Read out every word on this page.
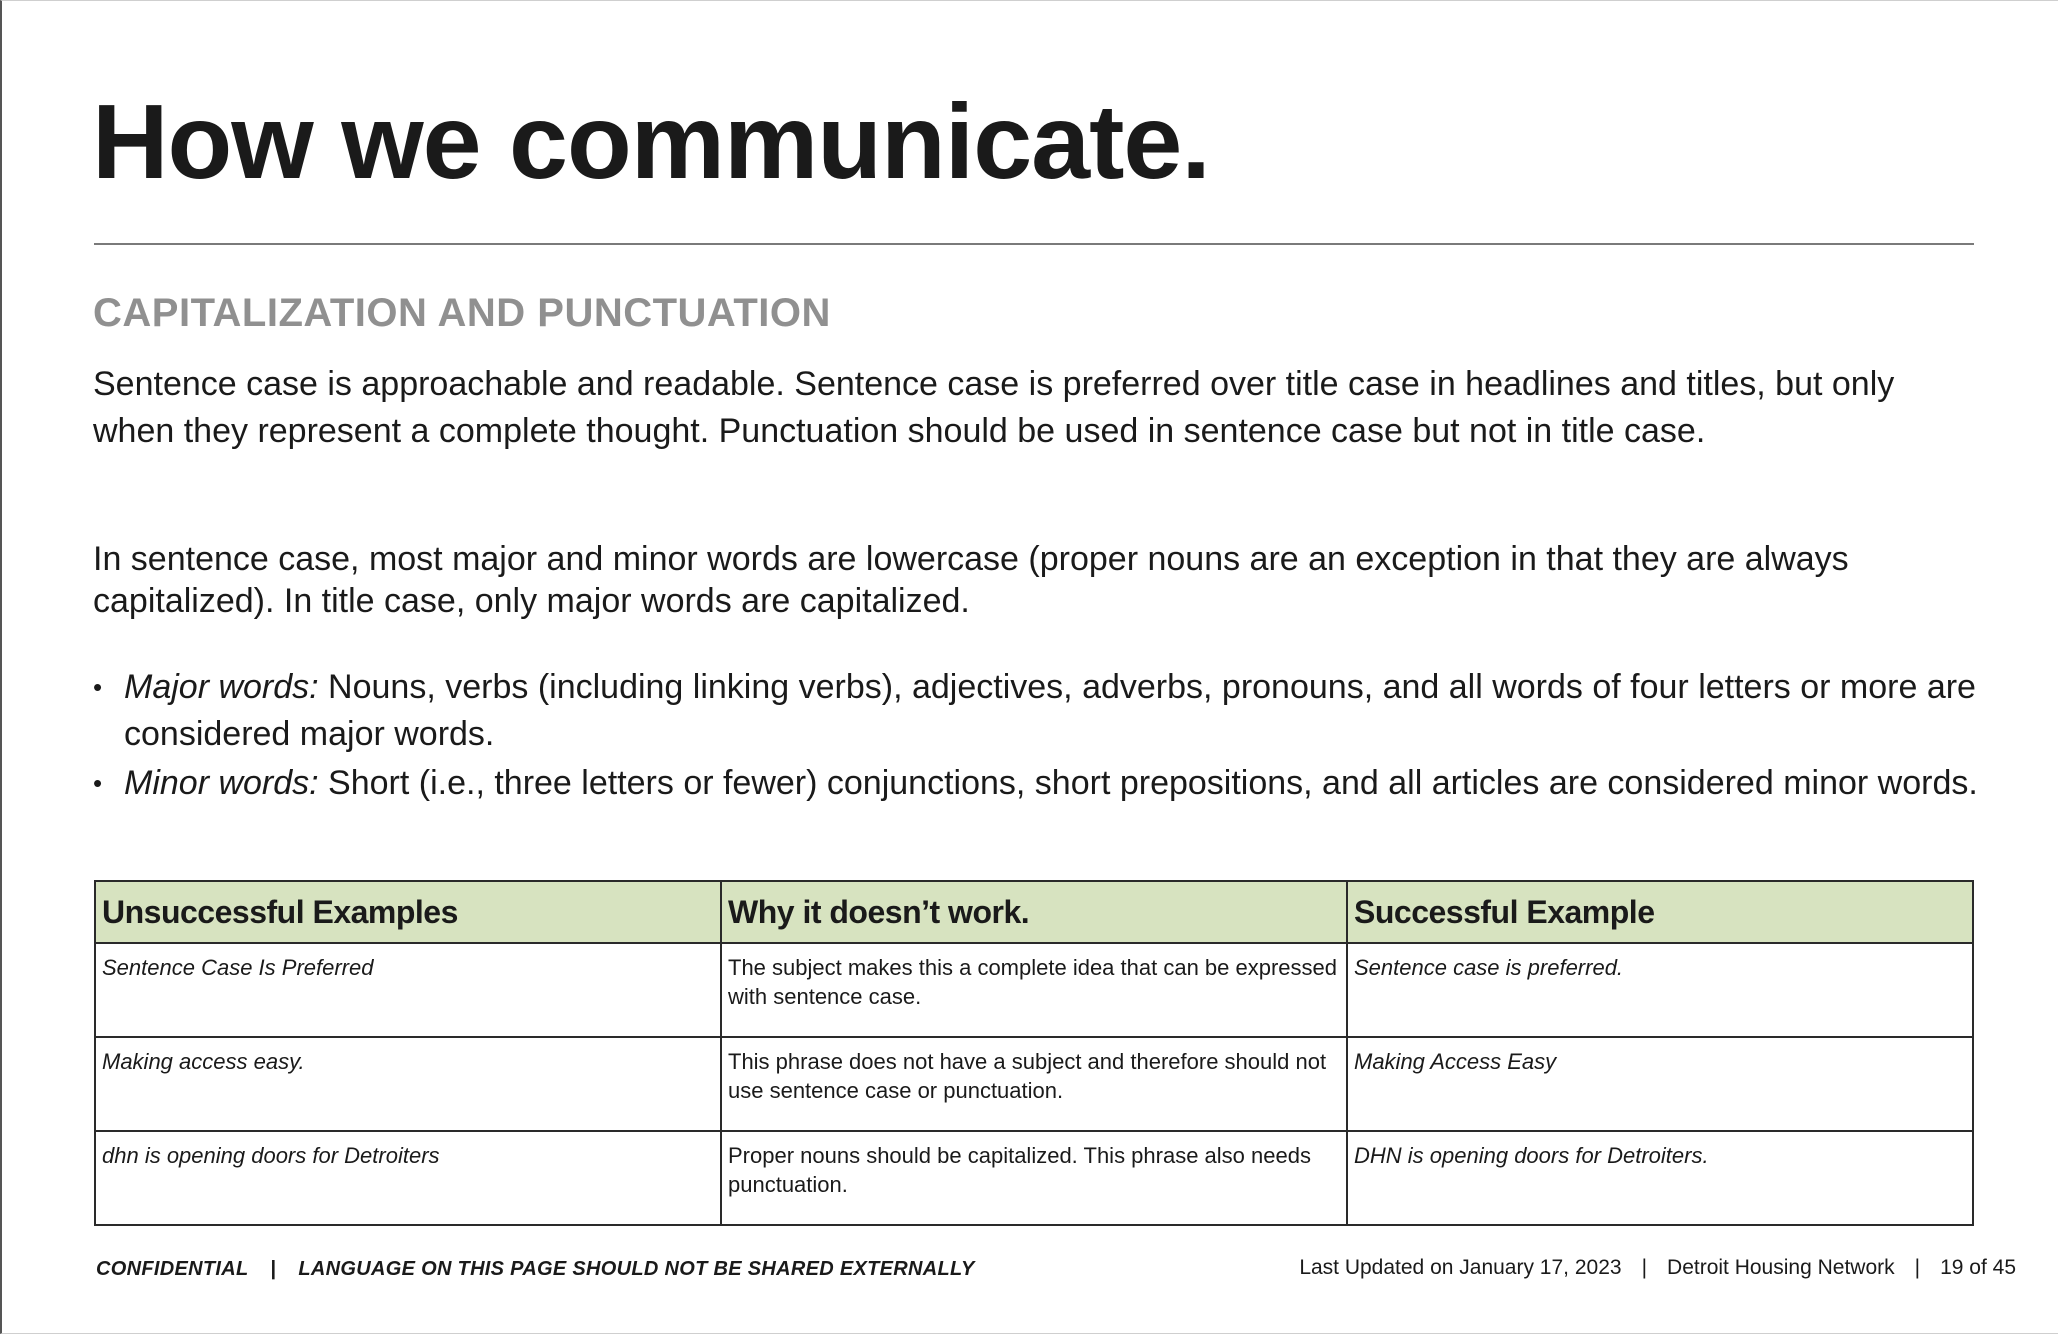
How we communicate.
CAPITALIZATION AND PUNCTUATION

Sentence case is approachable and readable. Sentence case is preferred over title case in headlines and titles, but only when they represent a complete thought. Punctuation should be used in sentence case but not in title case.

In sentence case, most major and minor words are lowercase (proper nouns are an exception in that they are always capitalized). In title case, only major words are capitalized.

• Major words: Nouns, verbs (including linking verbs), adjectives, adverbs, pronouns, and all words of four letters or more are considered major words.
• Minor words: Short (i.e., three letters or fewer) conjunctions, short prepositions, and all articles are considered minor words.
Unsuccessful Examples	Why it doesn’t work.	Successful Example
Sentence Case Is Preferred	The subject makes this a complete idea that can be expressed with sentence case.	Sentence case is preferred.
Making access easy.	This phrase does not have a subject and therefore should not use sentence case or punctuation.	Making Access Easy
dhn is opening doors for Detroiters	Proper nouns should be capitalized. This phrase also needs punctuation.	DHN is opening doors for Detroiters.
CONFIDENTIAL | LANGUAGE ON THIS PAGE SHOULD NOT BE SHARED EXTERNALLY	Last Updated on January 17, 2023 | Detroit Housing Network | 19 of 45
